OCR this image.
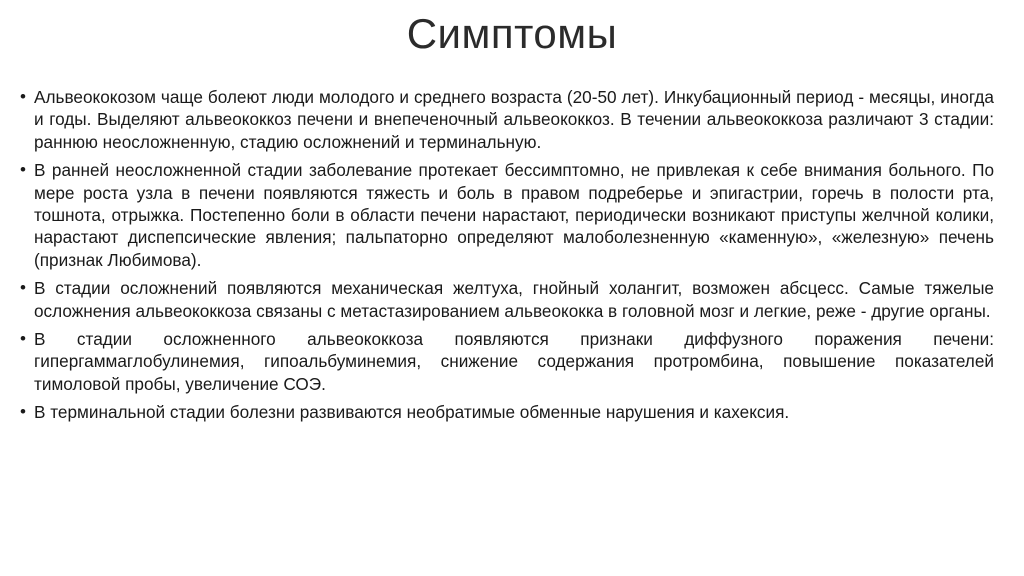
Симптомы
• Альвеококозом чаще болеют люди молодого и среднего возраста (20-50 лет). Инкубационный период - месяцы, иногда и годы. Выделяют альвеококкоз печени и внепеченочный альвеококкоз. В течении альвеококкоза различают 3 стадии: раннюю неосложненную, стадию осложнений и терминальную.
• В ранней неосложненной стадии заболевание протекает бессимптомно, не привлекая к себе внимания больного. По мере роста узла в печени появляются тяжесть и боль в правом подреберье и эпигастрии, горечь в полости рта, тошнота, отрыжка. Постепенно боли в области печени нарастают, периодически возникают приступы желчной колики, нарастают диспепсические явления; пальпаторно определяют малоболезненную «каменную», «железную» печень (признак Любимова).
• В стадии осложнений появляются механическая желтуха, гнойный холангит, возможен абсцесс. Самые тяжелые осложнения альвеококкоза связаны с метастазированием альвеококка в головной мозг и легкие, реже - другие органы.
• В стадии осложненного альвеококкоза появляются признаки диффузного поражения печени: гипергаммаглобулинемия, гипоальбуминемия, снижение содержания протромбина, повышение показателей тимоловой пробы, увеличение СОЭ.
• В терминальной стадии болезни развиваются необратимые обменные нарушения и кахексия.
